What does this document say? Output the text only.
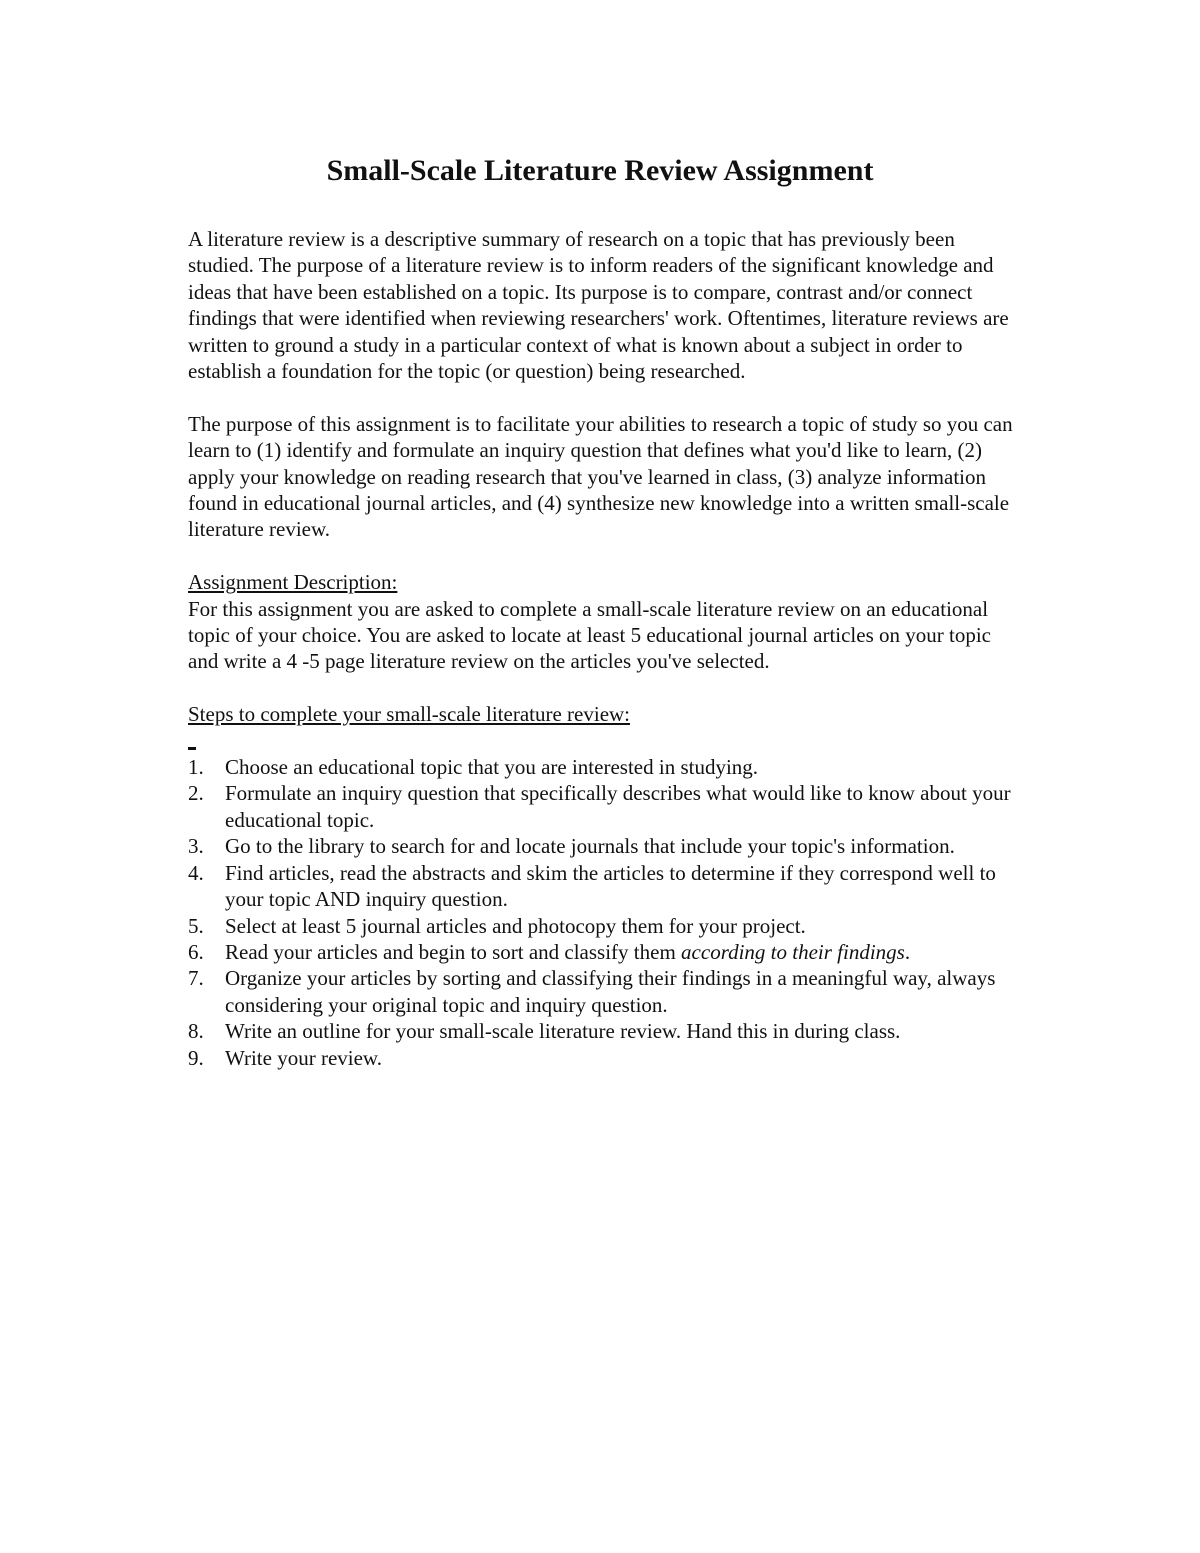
Small-Scale Literature Review Assignment

A literature review is a descriptive summary of research on a topic that has previously been studied. The purpose of a literature review is to inform readers of the significant knowledge and ideas that have been established on a topic. Its purpose is to compare, contrast and/or connect findings that were identified when reviewing researchers' work. Oftentimes, literature reviews are written to ground a study in a particular context of what is known about a subject in order to establish a foundation for the topic (or question) being researched.

The purpose of this assignment is to facilitate your abilities to research a topic of study so you can learn to (1) identify and formulate an inquiry question that defines what you'd like to learn, (2) apply your knowledge on reading research that you've learned in class, (3) analyze information found in educational journal articles, and (4) synthesize new knowledge into a written small-scale literature review.

Assignment Description:

For this assignment you are asked to complete a small-scale literature review on an educational topic of your choice. You are asked to locate at least 5 educational journal articles on your topic and write a 4 -5 page literature review on the articles you've selected.

Steps to complete your small-scale literature review:

1. Choose an educational topic that you are interested in studying.
2. Formulate an inquiry question that specifically describes what would like to know about your educational topic.
3. Go to the library to search for and locate journals that include your topic's information.
4. Find articles, read the abstracts and skim the articles to determine if they correspond well to your topic AND inquiry question.
5. Select at least 5 journal articles and photocopy them for your project.
6. Read your articles and begin to sort and classify them according to their findings.
7. Organize your articles by sorting and classifying their findings in a meaningful way, always considering your original topic and inquiry question.
8. Write an outline for your small-scale literature review. Hand this in during class.
9. Write your review.
